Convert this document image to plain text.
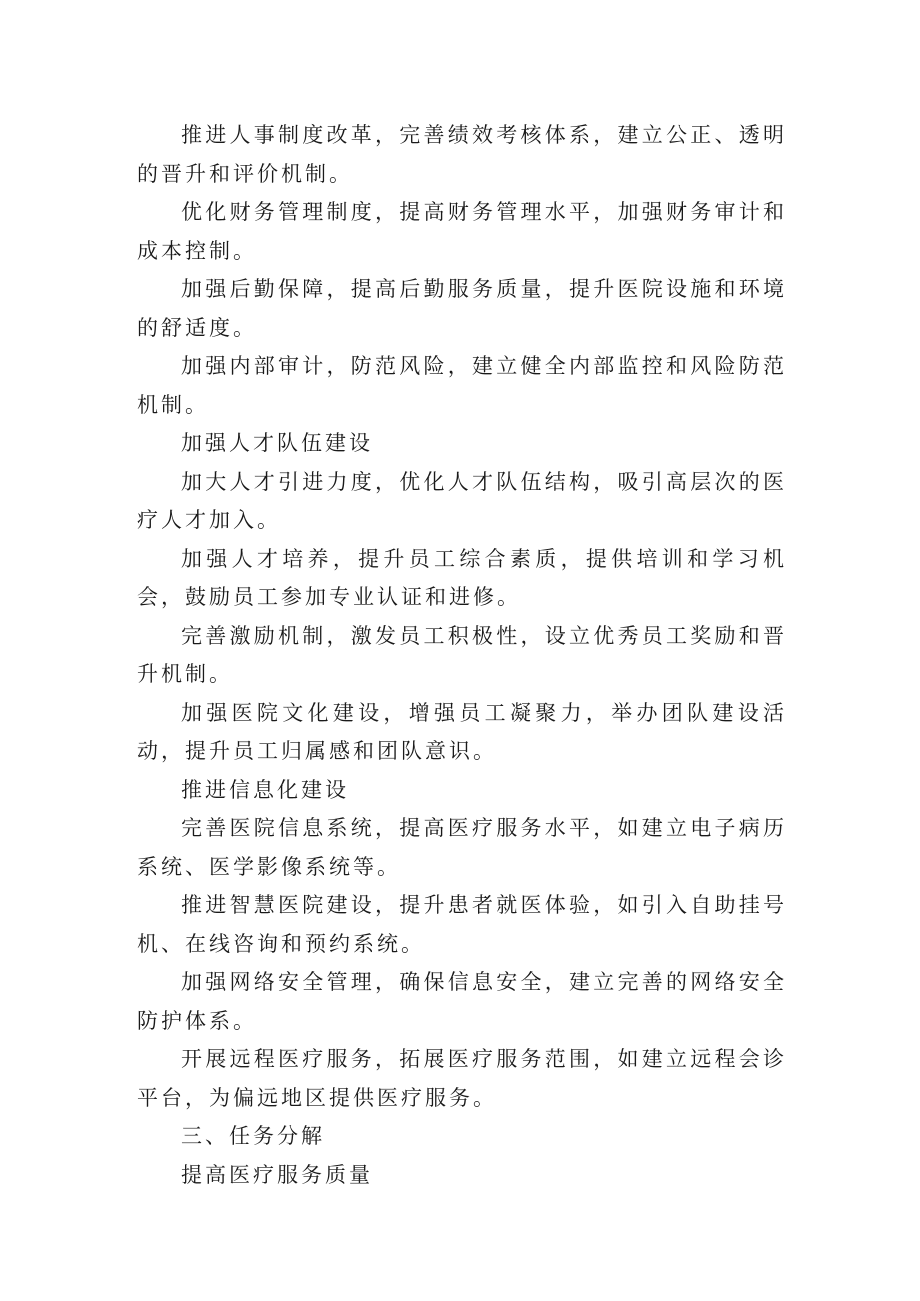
推进人事制度改革，完善绩效考核体系，建立公正、透明的晋升和评价机制。

优化财务管理制度，提高财务管理水平，加强财务审计和成本控制。

加强后勤保障，提高后勤服务质量，提升医院设施和环境的舒适度。

加强内部审计，防范风险，建立健全内部监控和风险防范机制。

加强人才队伍建设

加大人才引进力度，优化人才队伍结构，吸引高层次的医疗人才加入。

加强人才培养，提升员工综合素质，提供培训和学习机会，鼓励员工参加专业认证和进修。

完善激励机制，激发员工积极性，设立优秀员工奖励和晋升机制。

加强医院文化建设，增强员工凝聚力，举办团队建设活动，提升员工归属感和团队意识。

推进信息化建设

完善医院信息系统，提高医疗服务水平，如建立电子病历系统、医学影像系统等。

推进智慧医院建设，提升患者就医体验，如引入自助挂号机、在线咨询和预约系统。

加强网络安全管理，确保信息安全，建立完善的网络安全防护体系。

开展远程医疗服务，拓展医疗服务范围，如建立远程会诊平台，为偏远地区提供医疗服务。

三、任务分解

提高医疗服务质量
